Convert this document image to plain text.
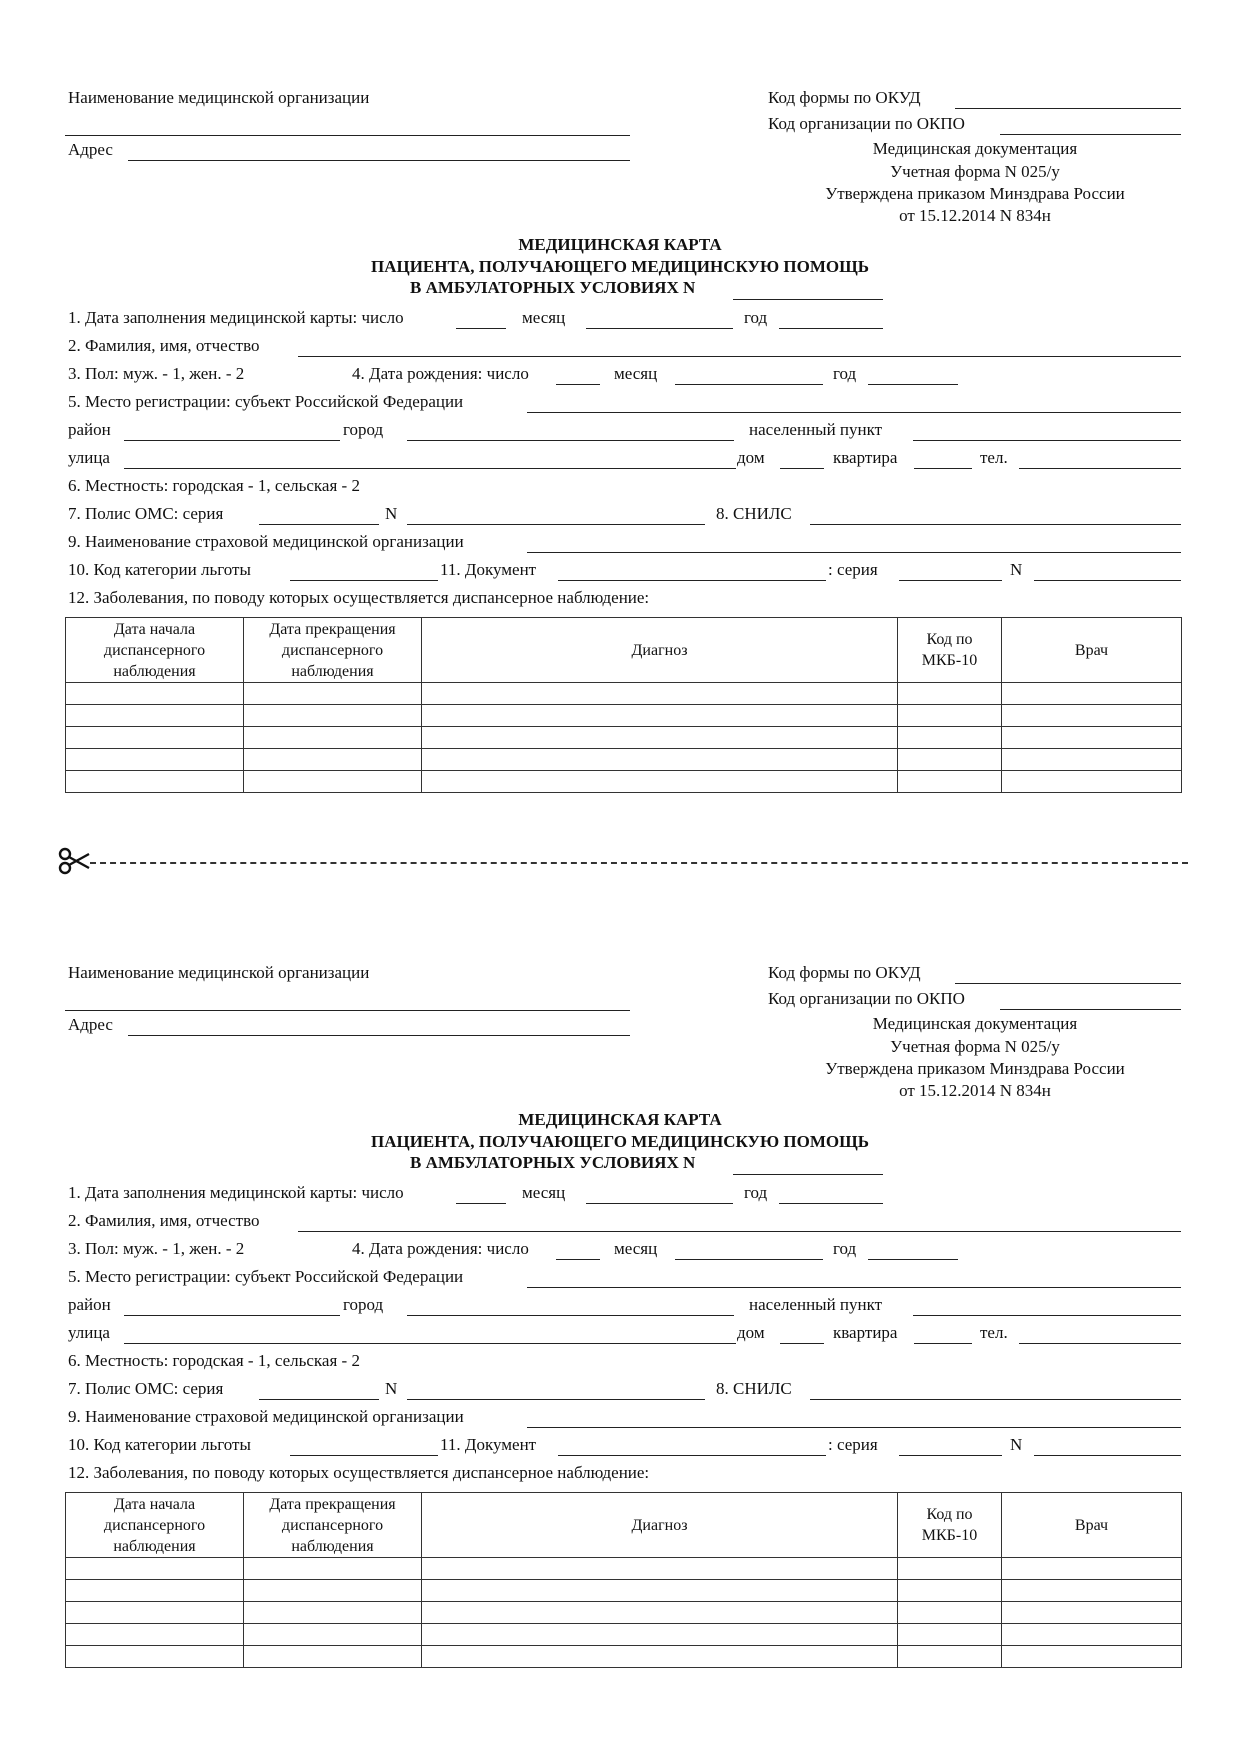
Наименование медицинской организации
Адрес
Код формы по ОКУД
Код организации по ОКПО
Медицинская документация
Учетная форма N 025/у
Утверждена приказом Минздрава России
от 15.12.2014 N 834н
МЕДИЦИНСКАЯ КАРТА
ПАЦИЕНТА, ПОЛУЧАЮЩЕГО МЕДИЦИНСКУЮ ПОМОЩЬ
В АМБУЛАТОРНЫХ УСЛОВИЯХ N
1. Дата заполнения медицинской карты: число	месяц	год
2. Фамилия, имя, отчество
3. Пол: муж. - 1, жен. - 2	4. Дата рождения: число	месяц	год
5. Место регистрации: субъект Российской Федерации
район	город	населенный пункт
улица	дом	квартира	тел.
6. Местность: городская - 1, сельская - 2
7. Полис ОМС: серия	N	8. СНИЛС
9. Наименование страховой медицинской организации
10. Код категории льготы	11. Документ	: серия	N
12. Заболевания, по поводу которых осуществляется диспансерное наблюдение:
Дата начала диспансерного наблюдения	Дата прекращения диспансерного наблюдения	Диагноз	Код по МКБ-10	Врач

Наименование медицинской организации
Адрес
Код формы по ОКУД
Код организации по ОКПО
Медицинская документация
Учетная форма N 025/у
Утверждена приказом Минздрава России
от 15.12.2014 N 834н
МЕДИЦИНСКАЯ КАРТА
ПАЦИЕНТА, ПОЛУЧАЮЩЕГО МЕДИЦИНСКУЮ ПОМОЩЬ
В АМБУЛАТОРНЫХ УСЛОВИЯХ N
1. Дата заполнения медицинской карты: число	месяц	год
2. Фамилия, имя, отчество
3. Пол: муж. - 1, жен. - 2	4. Дата рождения: число	месяц	год
5. Место регистрации: субъект Российской Федерации
район	город	населенный пункт
улица	дом	квартира	тел.
6. Местность: городская - 1, сельская - 2
7. Полис ОМС: серия	N	8. СНИЛС
9. Наименование страховой медицинской организации
10. Код категории льготы	11. Документ	: серия	N
12. Заболевания, по поводу которых осуществляется диспансерное наблюдение:
Дата начала диспансерного наблюдения	Дата прекращения диспансерного наблюдения	Диагноз	Код по МКБ-10	Врач
